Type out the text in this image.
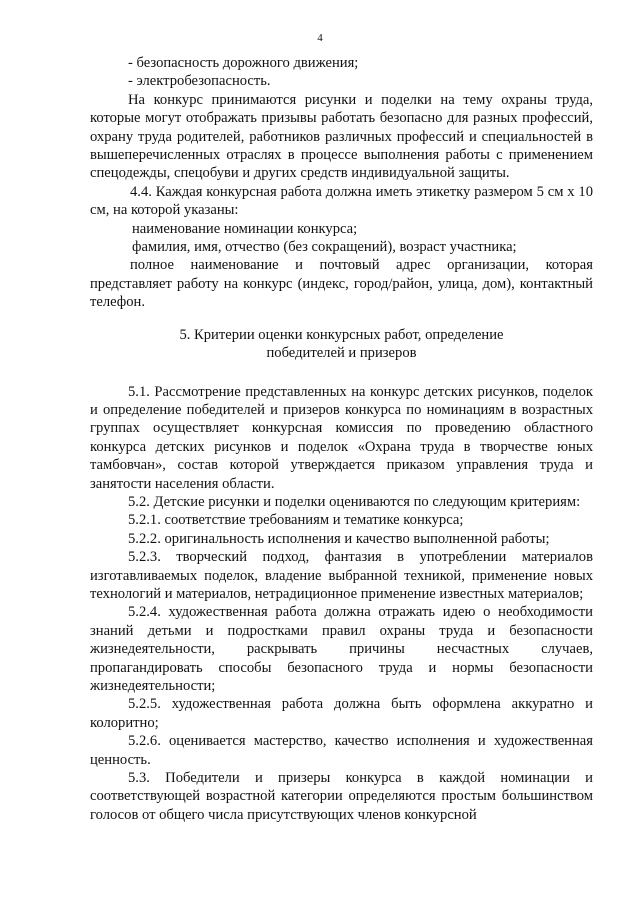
4

- безопасность дорожного движения;

- электробезопасность.

На конкурс принимаются рисунки и поделки на тему охраны труда, которые могут отображать призывы работать безопасно для разных профессий, охрану труда родителей, работников различных профессий и специальностей в вышеперечисленных отраслях в процессе выполнения работы с применением спецодежды, спецобуви и других средств индивидуальной защиты.

4.4. Каждая конкурсная работа должна иметь этикетку размером 5 см х 10 см, на которой указаны:

наименование номинации конкурса;

фамилия, имя, отчество (без сокращений), возраст участника;

полное наименование и почтовый адрес организации, которая представляет работу на конкурс (индекс, город/район, улица, дом), контактный телефон.

5. Критерии оценки конкурсных работ, определение
победителей и призеров

5.1. Рассмотрение представленных на конкурс детских рисунков, поделок и определение победителей и призеров конкурса по номинациям в возрастных группах осуществляет конкурсная комиссия по проведению областного конкурса детских рисунков и поделок «Охрана труда в творчестве юных тамбовчан», состав которой утверждается приказом управления труда и занятости населения области.

5.2. Детские рисунки и поделки оцениваются по следующим критериям:

5.2.1. соответствие требованиям и тематике конкурса;

5.2.2. оригинальность исполнения и качество выполненной работы;

5.2.3. творческий подход, фантазия в употреблении материалов изготавливаемых поделок, владение выбранной техникой, применение новых технологий и материалов, нетрадиционное применение известных материалов;

5.2.4. художественная работа должна отражать идею о необходимости знаний детьми и подростками правил охраны труда и безопасности жизнедеятельности, раскрывать причины несчастных случаев, пропагандировать способы безопасного труда и нормы безопасности жизнедеятельности;

5.2.5. художественная работа должна быть оформлена аккуратно и колоритно;

5.2.6. оценивается мастерство, качество исполнения и художественная ценность.

5.3. Победители и призеры конкурса в каждой номинации и соответствующей возрастной категории определяются простым большинством голосов от общего числа присутствующих членов конкурсной
